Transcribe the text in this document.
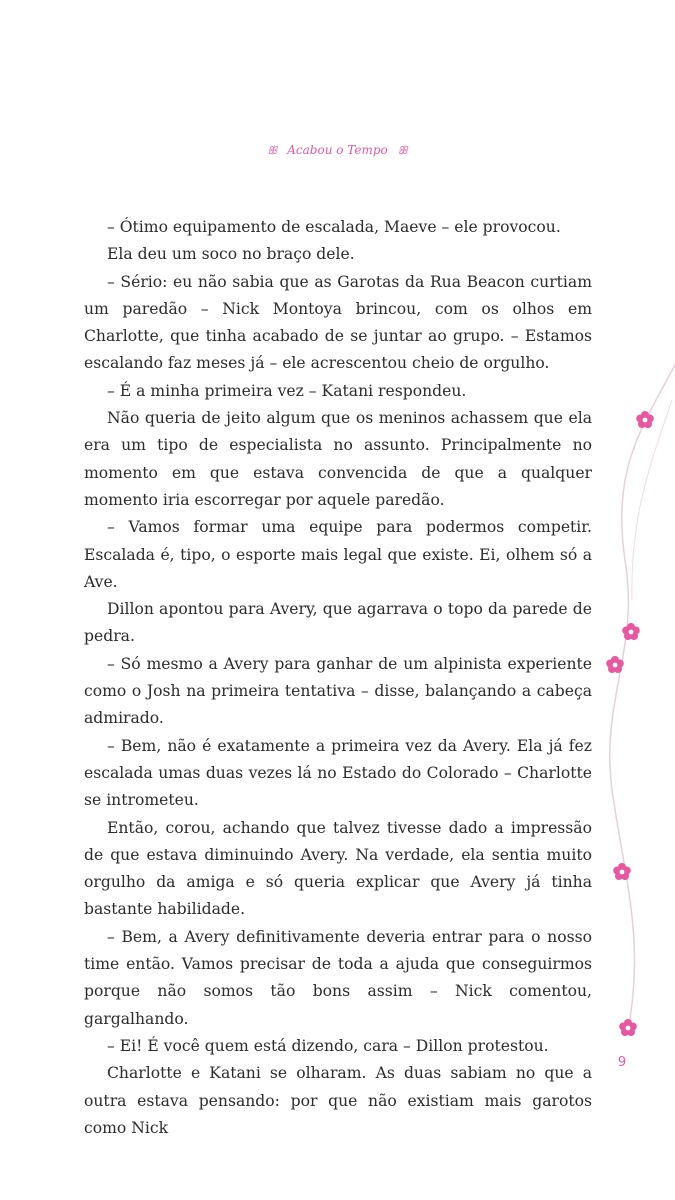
ꕥ Acabou o Tempo ꕥ

– Ótimo equipamento de escalada, Maeve – ele provocou.

Ela deu um soco no braço dele.

– Sério: eu não sabia que as Garotas da Rua Beacon curtiam um paredão – Nick Montoya brincou, com os olhos em Charlotte, que tinha acabado de se juntar ao grupo. – Estamos escalando faz meses já – ele acrescentou cheio de orgulho.

– É a minha primeira vez – Katani respondeu.

Não queria de jeito algum que os meninos achassem que ela era um tipo de especialista no assunto. Principalmente no momento em que estava convencida de que a qualquer momento iria escorregar por aquele paredão.

– Vamos formar uma equipe para podermos competir. Escalada é, tipo, o esporte mais legal que existe. Ei, olhem só a Ave.

Dillon apontou para Avery, que agarrava o topo da parede de pedra.

– Só mesmo a Avery para ganhar de um alpinista experiente como o Josh na primeira tentativa – disse, balançando a cabeça admirado.

– Bem, não é exatamente a primeira vez da Avery. Ela já fez escalada umas duas vezes lá no Estado do Colorado – Charlotte se intrometeu.

Então, corou, achando que talvez tivesse dado a impressão de que estava diminuindo Avery. Na verdade, ela sentia muito orgulho da amiga e só queria explicar que Avery já tinha bastante habilidade.

– Bem, a Avery definitivamente deveria entrar para o nosso time então. Vamos precisar de toda a ajuda que conseguirmos porque não somos tão bons assim – Nick comentou, gargalhando.

– Ei! É você quem está dizendo, cara – Dillon protestou.

Charlotte e Katani se olharam. As duas sabiam no que a outra estava pensando: por que não existiam mais garotos como Nick

9
